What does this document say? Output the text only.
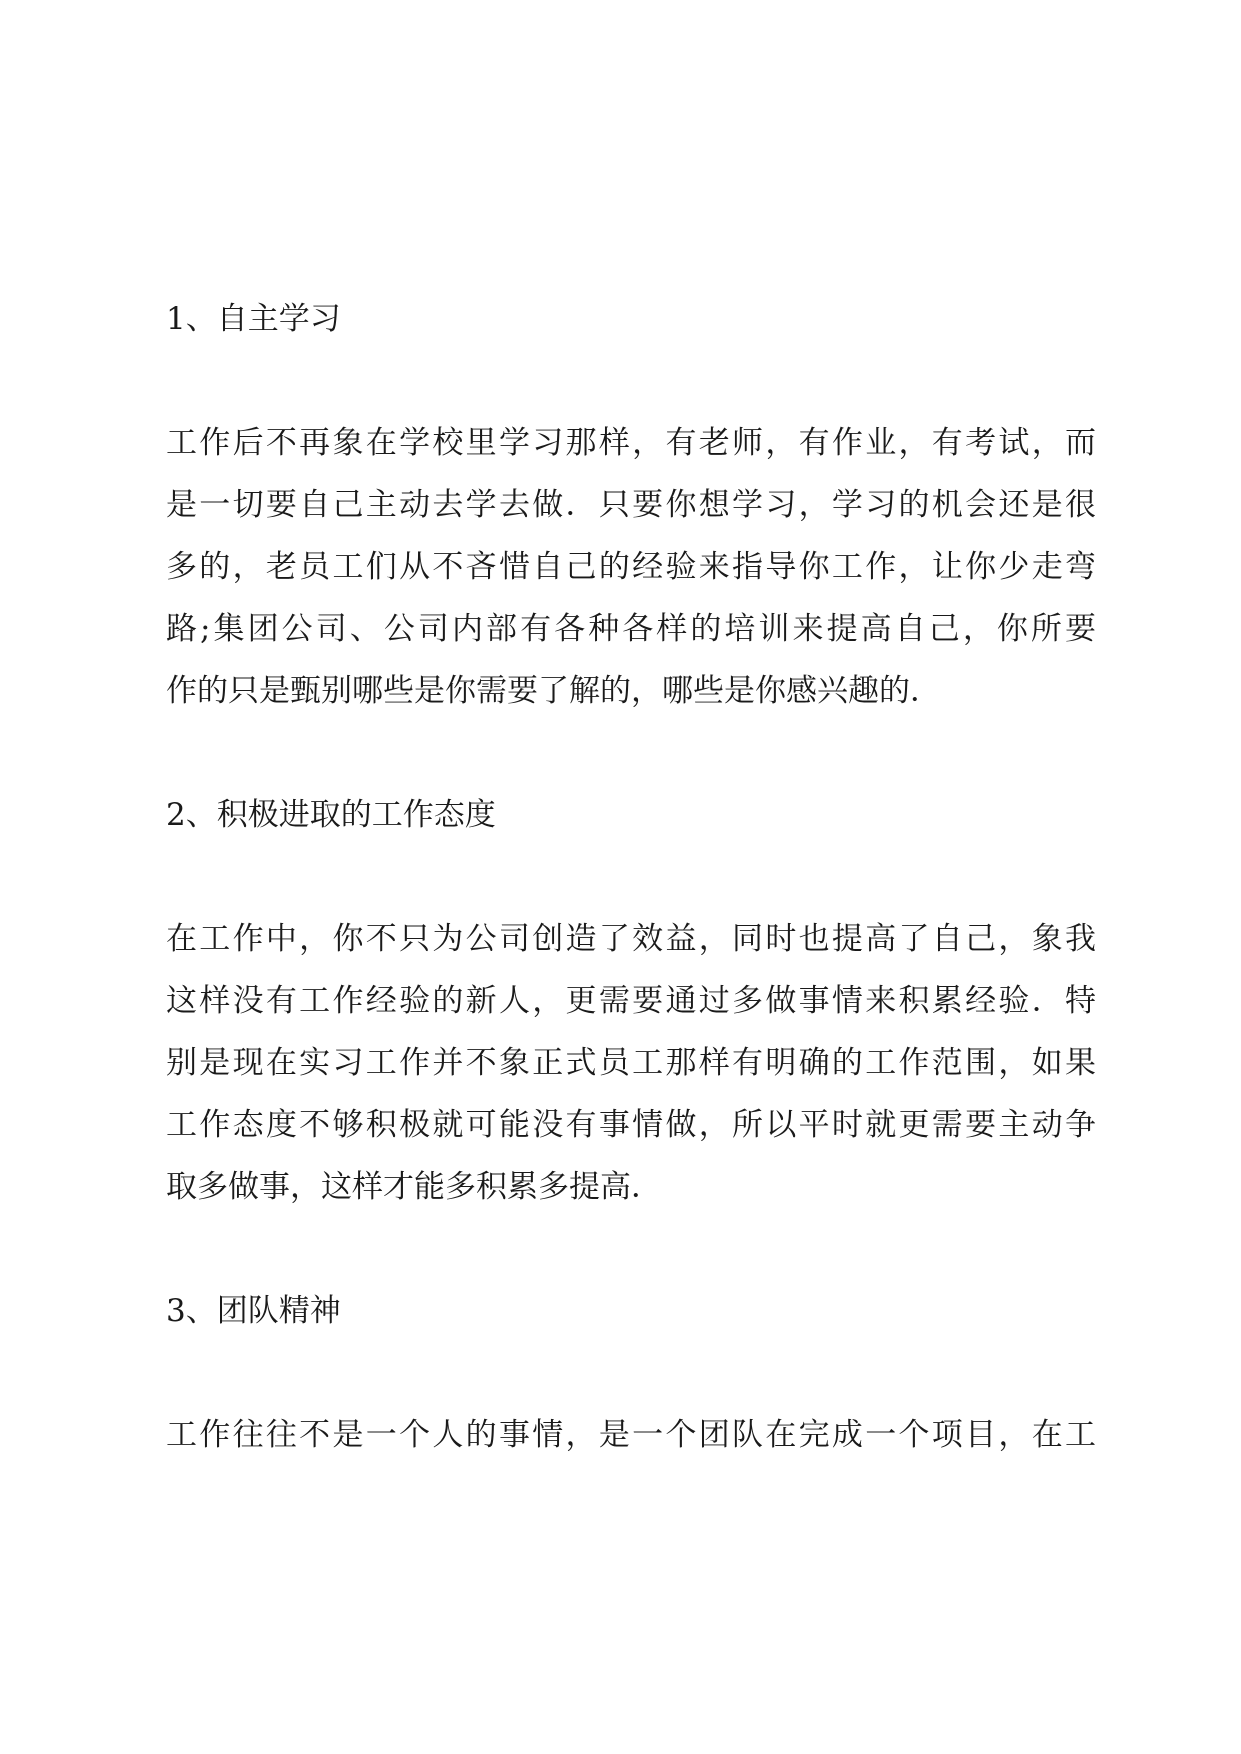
1、自主学习
工作后不再象在学校里学习那样，有老师，有作业，有考试，而
是一切要自己主动去学去做．只要你想学习，学习的机会还是很
多的，老员工们从不吝惜自己的经验来指导你工作，让你少走弯
路;集团公司、公司内部有各种各样的培训来提高自己，你所要
作的只是甄别哪些是你需要了解的，哪些是你感兴趣的．
2、积极进取的工作态度
在工作中，你不只为公司创造了效益，同时也提高了自己，象我
这样没有工作经验的新人，更需要通过多做事情来积累经验．特
别是现在实习工作并不象正式员工那样有明确的工作范围，如果
工作态度不够积极就可能没有事情做，所以平时就更需要主动争
取多做事，这样才能多积累多提高．
3、团队精神
工作往往不是一个人的事情，是一个团队在完成一个项目，在工
